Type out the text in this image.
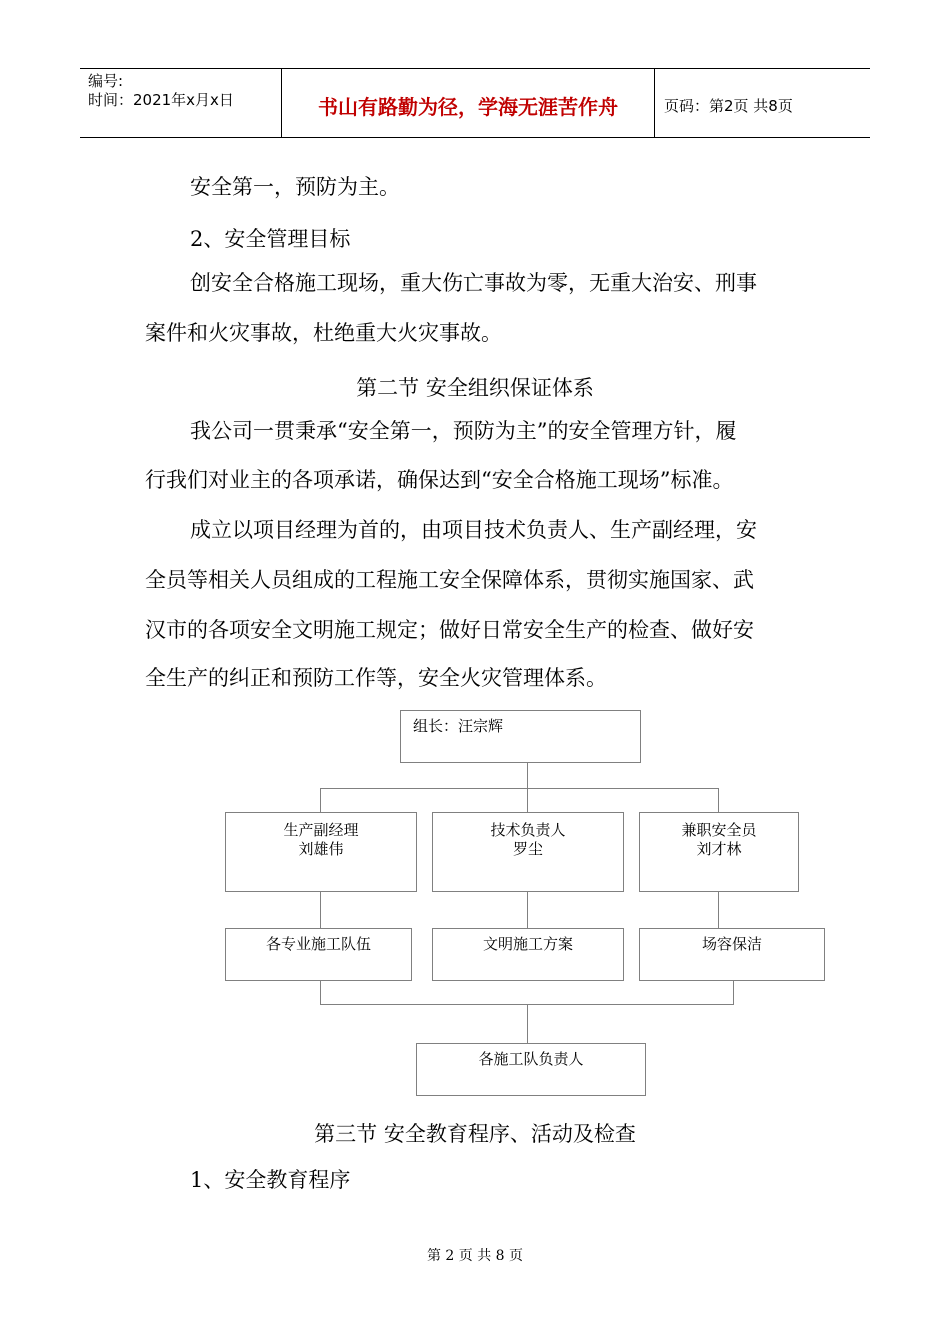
编号:
时间：2021年x月x日	书山有路勤为径，学海无涯苦作舟	页码：第2页 共8页
安全第一，预防为主。
2、安全管理目标
创安全合格施工现场，重大伤亡事故为零，无重大治安、刑事
案件和火灾事故，杜绝重大火灾事故。
第二节 安全组织保证体系
我公司一贯秉承“安全第一，预防为主”的安全管理方针，履
行我们对业主的各项承诺，确保达到“安全合格施工现场”标准。
成立以项目经理为首的，由项目技术负责人、生产副经理，安
全员等相关人员组成的工程施工安全保障体系，贯彻实施国家、武
汉市的各项安全文明施工规定；做好日常安全生产的检查、做好安
全生产的纠正和预防工作等，安全火灾管理体系。
组长：汪宗辉
生产副经理
刘雄伟
技术负责人
罗尘
兼职安全员
刘才林
各专业施工队伍	文明施工方案	场容保洁
各施工队负责人
第三节 安全教育程序、活动及检查
1、安全教育程序
第 2 页 共 8 页
